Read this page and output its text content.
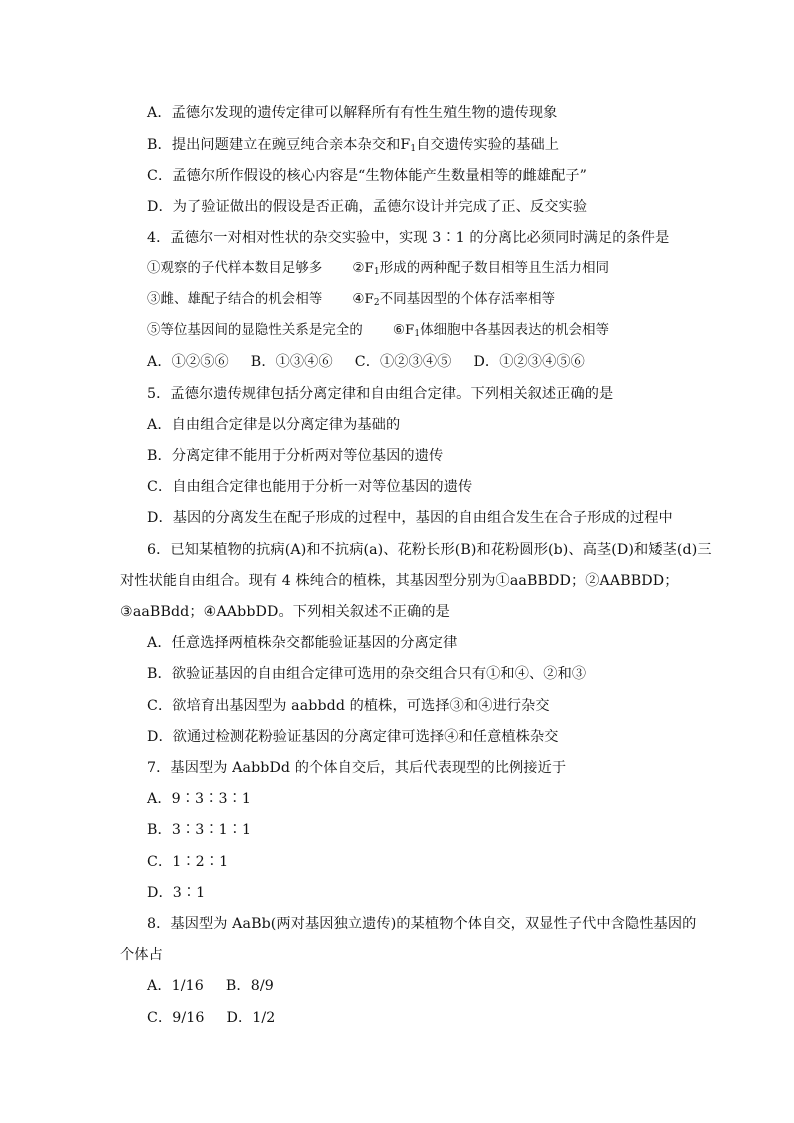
A．孟德尔发现的遗传定律可以解释所有有性生殖生物的遗传现象
B．提出问题建立在豌豆纯合亲本杂交和$F_1$自交遗传实验的基础上
C．孟德尔所作假设的核心内容是“生物体能产生数量相等的雌雄配子”
D．为了验证做出的假设是否正确，孟德尔设计并完成了正、反交实验
4．孟德尔一对相对性状的杂交实验中，实现 3∶1 的分离比必须同时满足的条件是
①观察的子代样本数目足够多 $②F_1$形成的两种配子数目相等且生活力相同
③雌、雄配子结合的机会相等 $④F_2$不同基因型的个体存活率相等
⑤等位基因间的显隐性关系是完全的 $⑥F_1$体细胞中各基因表达的机会相等
A．①②⑤⑥ B．①③④⑥ C．①②③④⑤ D．①②③④⑤⑥
5．孟德尔遗传规律包括分离定律和自由组合定律。下列相关叙述正确的是
A．自由组合定律是以分离定律为基础的
B．分离定律不能用于分析两对等位基因的遗传
C．自由组合定律也能用于分析一对等位基因的遗传
D．基因的分离发生在配子形成的过程中，基因的自由组合发生在合子形成的过程中
6．已知某植物的抗病(A)和不抗病(a)、花粉长形(B)和花粉圆形(b)、高茎(D)和矮茎(d)三
对性状能自由组合。现有 4 株纯合的植株，其基因型分别为①aaBBDD；②AABBDD；
③aaBBdd；④AAbbDD。下列相关叙述不正确的是
A．任意选择两植株杂交都能验证基因的分离定律
B．欲验证基因的自由组合定律可选用的杂交组合只有①和④、②和③
C．欲培育出基因型为 aabbdd 的植株，可选择③和④进行杂交
D．欲通过检测花粉验证基因的分离定律可选择④和任意植株杂交
7．基因型为 AabbDd 的个体自交后，其后代表现型的比例接近于
A．9∶3∶3∶1
B．3∶3∶1∶1
C．1∶2∶1
D．3∶1
8．基因型为 AaBb(两对基因独立遗传)的某植物个体自交，双显性子代中含隐性基因的
个体占
A．1/16 B．8/9
C．9/16 D．1/2
